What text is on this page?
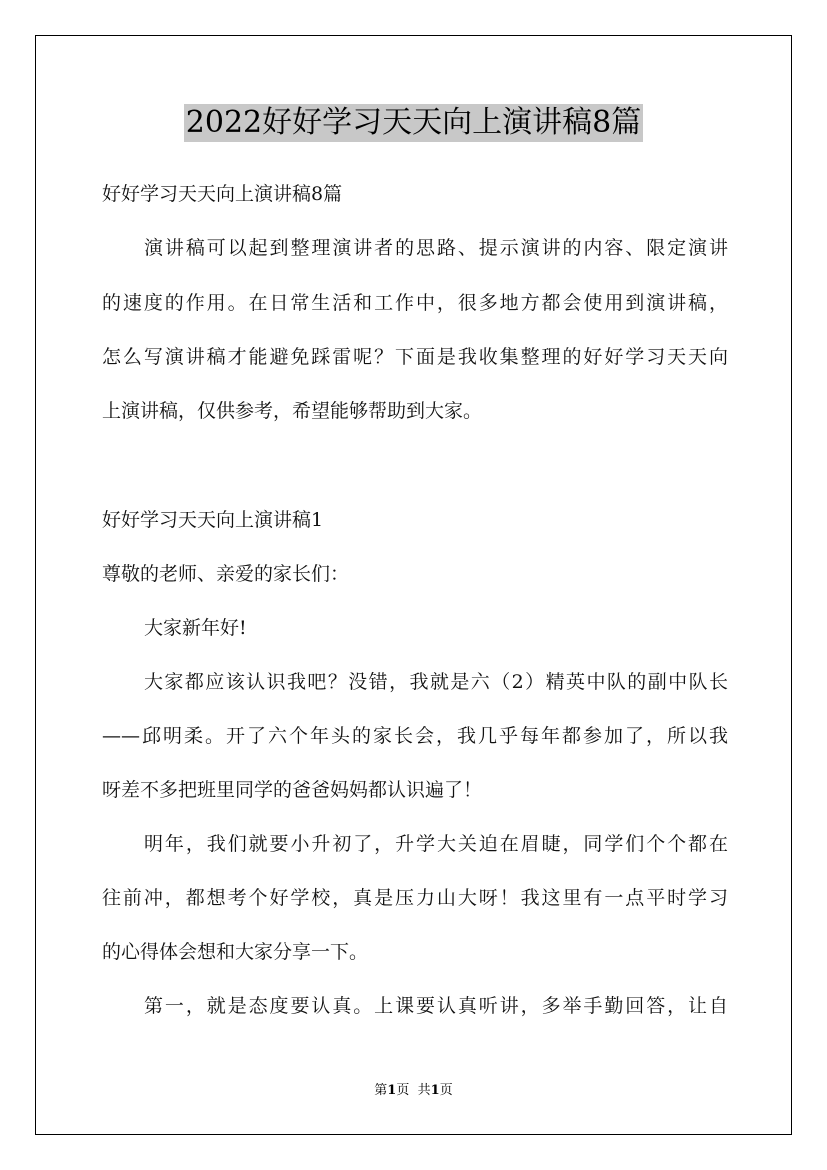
2022好好学习天天向上演讲稿8篇
好好学习天天向上演讲稿8篇
演讲稿可以起到整理演讲者的思路、提示演讲的内容、限定演讲
的速度的作用。在日常生活和工作中，很多地方都会使用到演讲稿，
怎么写演讲稿才能避免踩雷呢？下面是我收集整理的好好学习天天向
上演讲稿，仅供参考，希望能够帮助到大家。
好好学习天天向上演讲稿1
尊敬的老师、亲爱的家长们：
大家新年好!
大家都应该认识我吧？没错，我就是六（2）精英中队的副中队长
——邱明柔。开了六个年头的家长会，我几乎每年都参加了，所以我
呀差不多把班里同学的爸爸妈妈都认识遍了！
明年，我们就要小升初了，升学大关迫在眉睫，同学们个个都在
往前冲，都想考个好学校，真是压力山大呀！我这里有一点平时学习
的心得体会想和大家分享一下。
第一，就是态度要认真。上课要认真听讲，多举手勤回答，让自
第1页 共1页
